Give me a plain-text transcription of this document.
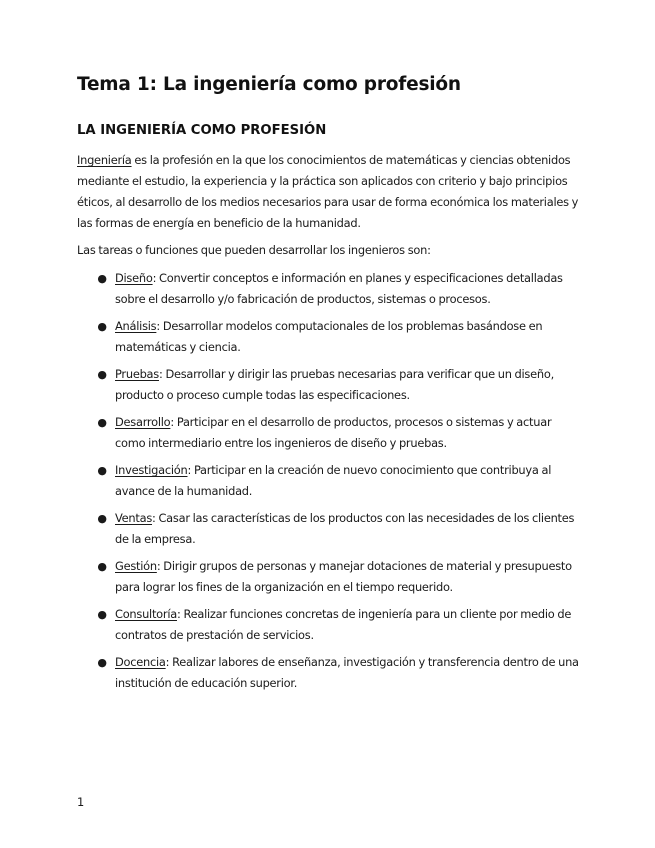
Tema 1: La ingeniería como profesión
LA INGENIERÍA COMO PROFESIÓN

Ingeniería es la profesión en la que los conocimientos de matemáticas y ciencias obtenidos mediante el estudio, la experiencia y la práctica son aplicados con criterio y bajo principios éticos, al desarrollo de los medios necesarios para usar de forma económica los materiales y las formas de energía en beneficio de la humanidad.

Las tareas o funciones que pueden desarrollar los ingenieros son:

● Diseño: Convertir conceptos e información en planes y especificaciones detalladas sobre el desarrollo y/o fabricación de productos, sistemas o procesos.
● Análisis: Desarrollar modelos computacionales de los problemas basándose en matemáticas y ciencia.
● Pruebas: Desarrollar y dirigir las pruebas necesarias para verificar que un diseño, producto o proceso cumple todas las especificaciones.
● Desarrollo: Participar en el desarrollo de productos, procesos o sistemas y actuar como intermediario entre los ingenieros de diseño y pruebas.
● Investigación: Participar en la creación de nuevo conocimiento que contribuya al avance de la humanidad.
● Ventas: Casar las características de los productos con las necesidades de los clientes de la empresa.
● Gestión: Dirigir grupos de personas y manejar dotaciones de material y presupuesto para lograr los fines de la organización en el tiempo requerido.
● Consultoría: Realizar funciones concretas de ingeniería para un cliente por medio de contratos de prestación de servicios.
● Docencia: Realizar labores de enseñanza, investigación y transferencia dentro de una institución de educación superior.
1
